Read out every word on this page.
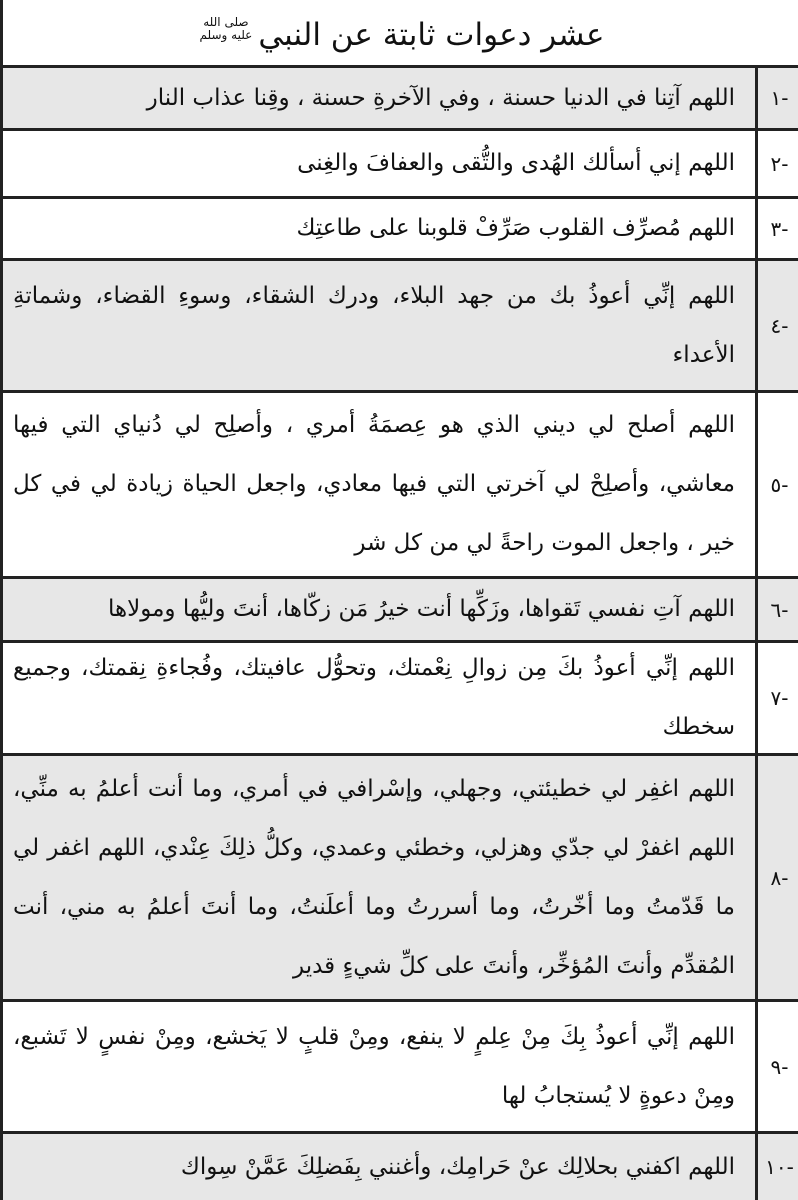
عشر دعوات ثابتة عن النبي
صلى الله
عليه وسلم
-١
اللهم آتِنا في الدنيا حسنة ، وفي الآخرةِ حسنة ، وقِنا عذاب النار
-٢
اللهم إني أسألك الهُدى والتُّقى والعفافَ والغِنى
-٣
اللهم مُصرِّف القلوب صَرِّفْ قلوبنا على طاعتِك
-٤
اللهم إنِّي أعوذُ بك من جهد البلاء، ودرك الشقاء، وسوءِ القضاء، وشماتةِ الأعداء
-٥
اللهم أصلح لي ديني الذي هو عِصمَةُ أمري ، وأصلِح لي دُنياي التي فيها معاشي، وأصلِحْ لي آخرتي التي فيها معادي، واجعل الحياة زيادة لي في كل خير ، واجعل الموت راحةً لي من كل شر
-٦
اللهم آتِ نفسي تَقواها، وزَكِّها أنت خيرُ مَن زكّاها، أنتَ وليُّها ومولاها
-٧
اللهم إنِّي أعوذُ بكَ مِن زوالِ نِعْمتك، وتحوُّل عافيتك، وفُجاءةِ نِقمتك، وجميع سخطك
-٨
اللهم اغفِر لي خطيئتي، وجهلي، وإسْرافي في أمري، وما أنت أعلمُ به منِّي، اللهم اغفرْ لي جدّي وهزلي، وخطئي وعمدي، وكلُّ ذلِكَ عِنْدي، اللهم اغفر لي ما قَدّمتُ وما أخّرتُ، وما أسررتُ وما أعلَنتُ، وما أنتَ أعلمُ به مني، أنت المُقدِّم وأنتَ المُؤخِّر، وأنتَ على كلِّ شيءٍ قدير
-٩
اللهم إنِّي أعوذُ بِكَ مِنْ عِلمٍ لا ينفع، ومِنْ قلبٍ لا يَخشع، ومِنْ نفسٍ لا تَشبع، ومِنْ دعوةٍ لا يُستجابُ لها
-١٠
اللهم اكفني بحلالِك عنْ حَرامِك، وأغنني بِفَضلِكَ عَمَّنْ سِواك
